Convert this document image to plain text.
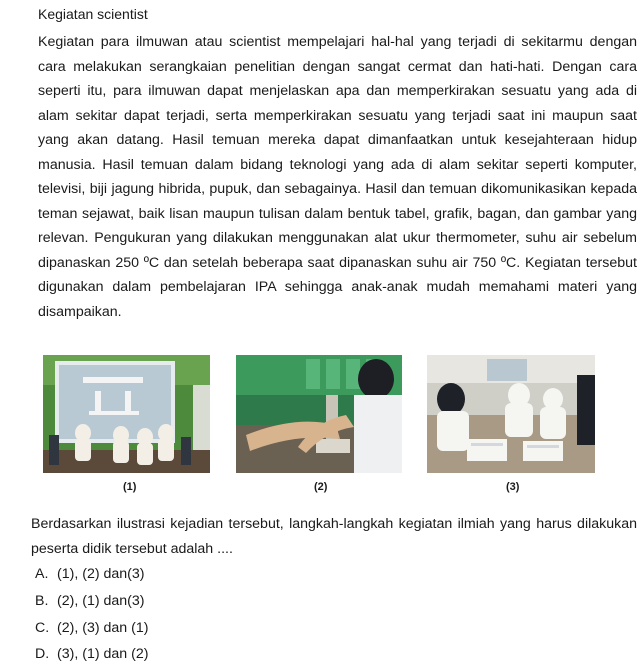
Kegiatan scientist

Kegiatan para ilmuwan atau scientist mempelajari hal-hal yang terjadi di sekitarmu dengan cara melakukan serangkaian penelitian dengan sangat cermat dan hati-hati. Dengan cara seperti itu, para ilmuwan dapat menjelaskan apa dan memperkirakan sesuatu yang ada di alam sekitar dapat terjadi, serta memperkirakan sesuatu yang terjadi saat ini maupun saat yang akan datang. Hasil temuan mereka dapat dimanfaatkan untuk kesejahteraan hidup manusia. Hasil temuan dalam bidang teknologi yang ada di alam sekitar seperti komputer, televisi, biji jagung hibrida, pupuk, dan sebagainya. Hasil dan temuan dikomunikasikan kepada teman sejawat, baik lisan maupun tulisan dalam bentuk tabel, grafik, bagan, dan gambar yang relevan. Pengukuran yang dilakukan menggunakan alat ukur thermometer, suhu air sebelum dipanaskan 250 ºC dan setelah beberapa saat dipanaskan suhu air 750 ºC. Kegiatan tersebut digunakan dalam pembelajaran IPA sehingga anak-anak mudah memahami materi yang disampaikan.

(1)	(2)	(3)

Berdasarkan ilustrasi kejadian tersebut, langkah-langkah kegiatan ilmiah yang harus dilakukan peserta didik tersebut adalah ....

A. (1), (2) dan(3)
B. (2), (1) dan(3)
C. (2), (3) dan (1)
D. (3), (1) dan (2)
